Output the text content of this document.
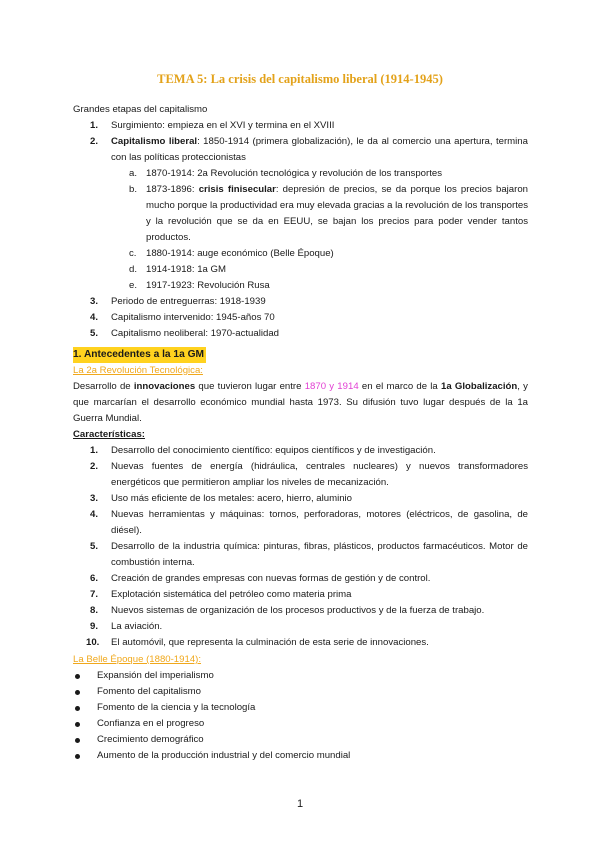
TEMA 5: La crisis del capitalismo liberal (1914-1945)
Grandes etapas del capitalismo
1. Surgimiento: empieza en el XVI y termina en el XVIII
2. Capitalismo liberal: 1850-1914 (primera globalización), le da al comercio una apertura, termina con las políticas proteccionistas
a. 1870-1914: 2a Revolución tecnológica y revolución de los transportes
b. 1873-1896: crisis finisecular: depresión de precios, se da porque los precios bajaron mucho porque la productividad era muy elevada gracias a la revolución de los transportes y la revolución que se da en EEUU, se bajan los precios para poder vender tantos productos.
c. 1880-1914: auge económico (Belle Époque)
d. 1914-1918: 1a GM
e. 1917-1923: Revolución Rusa
3. Periodo de entreguerras: 1918-1939
4. Capitalismo intervenido: 1945-años 70
5. Capitalismo neoliberal: 1970-actualidad
1. Antecedentes a la 1a GM
La 2a Revolución Tecnológica:
Desarrollo de innovaciones que tuvieron lugar entre 1870 y 1914 en el marco de la 1a Globalización, y que marcarían el desarrollo económico mundial hasta 1973. Su difusión tuvo lugar después de la 1a Guerra Mundial.
Características:
1. Desarrollo del conocimiento científico: equipos científicos y de investigación.
2. Nuevas fuentes de energía (hidráulica, centrales nucleares) y nuevos transformadores energéticos que permitieron ampliar los niveles de mecanización.
3. Uso más eficiente de los metales: acero, hierro, aluminio
4. Nuevas herramientas y máquinas: tornos, perforadoras, motores (eléctricos, de gasolina, de diésel).
5. Desarrollo de la industria química: pinturas, fibras, plásticos, productos farmacéuticos. Motor de combustión interna.
6. Creación de grandes empresas con nuevas formas de gestión y de control.
7. Explotación sistemática del petróleo como materia prima
8. Nuevos sistemas de organización de los procesos productivos y de la fuerza de trabajo.
9. La aviación.
10. El automóvil, que representa la culminación de esta serie de innovaciones.
La Belle Époque (1880-1914):
Expansión del imperialismo
Fomento del capitalismo
Fomento de la ciencia y la tecnología
Confianza en el progreso
Crecimiento demográfico
Aumento de la producción industrial y del comercio mundial
1
